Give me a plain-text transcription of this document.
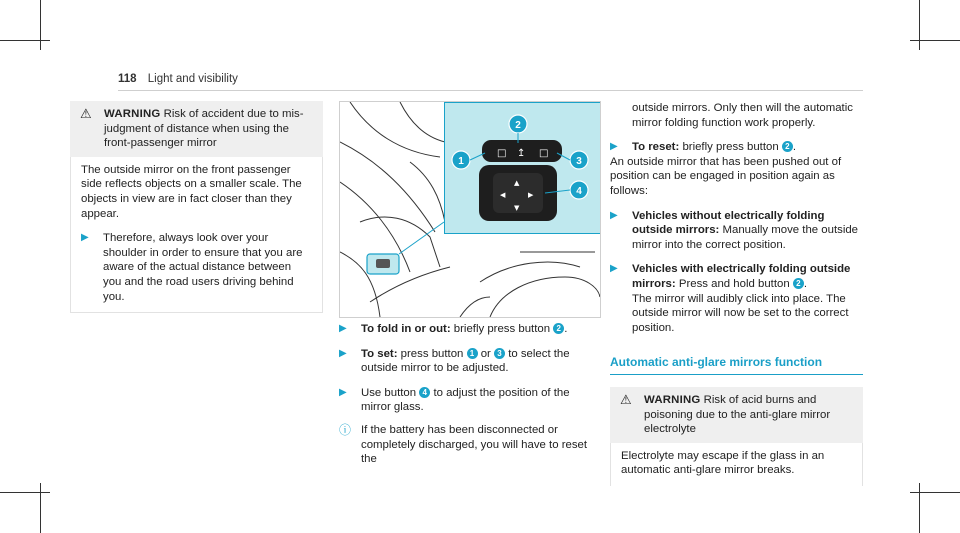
118 Light and visibility
⚠	WARNING Risk of accident due to mis-judgment of distance when using the front-passenger mirror
The outside mirror on the front passenger side reflects objects on a smaller scale. The objects in view are in fact closer than they appear.
▶	Therefore, always look over your shoulder in order to ensure that you are aware of the actual distance between you and the road users driving behind you.
□ ↥ □
▲
▼
◀	▶
2
1	3
4
▶	To fold in or out: briefly press button 2 .
▶	To set: press button 1 or 3 to select the outside mirror to be adjusted.
▶	Use button 4 to adjust the position of the mirror glass.
ⓘ If the battery has been disconnected or completely discharged, you will have to reset the
outside mirrors. Only then will the automatic mirror folding function work properly.
▶	To reset: briefly press button 2 .
An outside mirror that has been pushed out of position can be engaged in position again as follows:
▶	Vehicles without electrically folding outside mirrors: Manually move the outside mirror into the correct position.
▶	Vehicles with electrically folding outside mirrors: Press and hold button 2 .
The mirror will audibly click into place. The outside mirror will now be set to the correct position.
Automatic anti-glare mirrors function
⚠	WARNING Risk of acid burns and poisoning due to the anti-glare mirror electrolyte
Electrolyte may escape if the glass in an automatic anti-glare mirror breaks.
